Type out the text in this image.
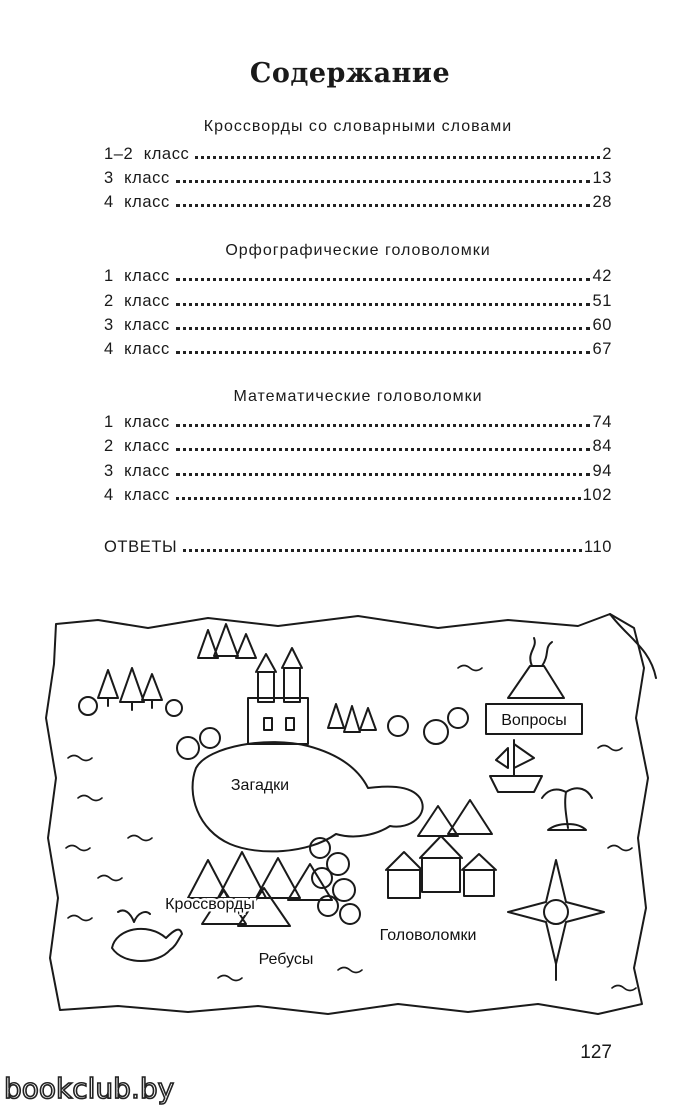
Содержание
Кроссворды со словарными словами
1–2  класс	2
3  класс	13
4  класс	28
Орфографические головоломки
1  класс	42
2  класс	51
3  класс	60
4  класс	67
Математические головоломки
1  класс	74
2  класс	84
3  класс	94
4  класс	102
ОТВЕТЫ	110
Вопросы
Загадки
Кроссворды
Головоломки
Ребусы
127
bookclub.by
